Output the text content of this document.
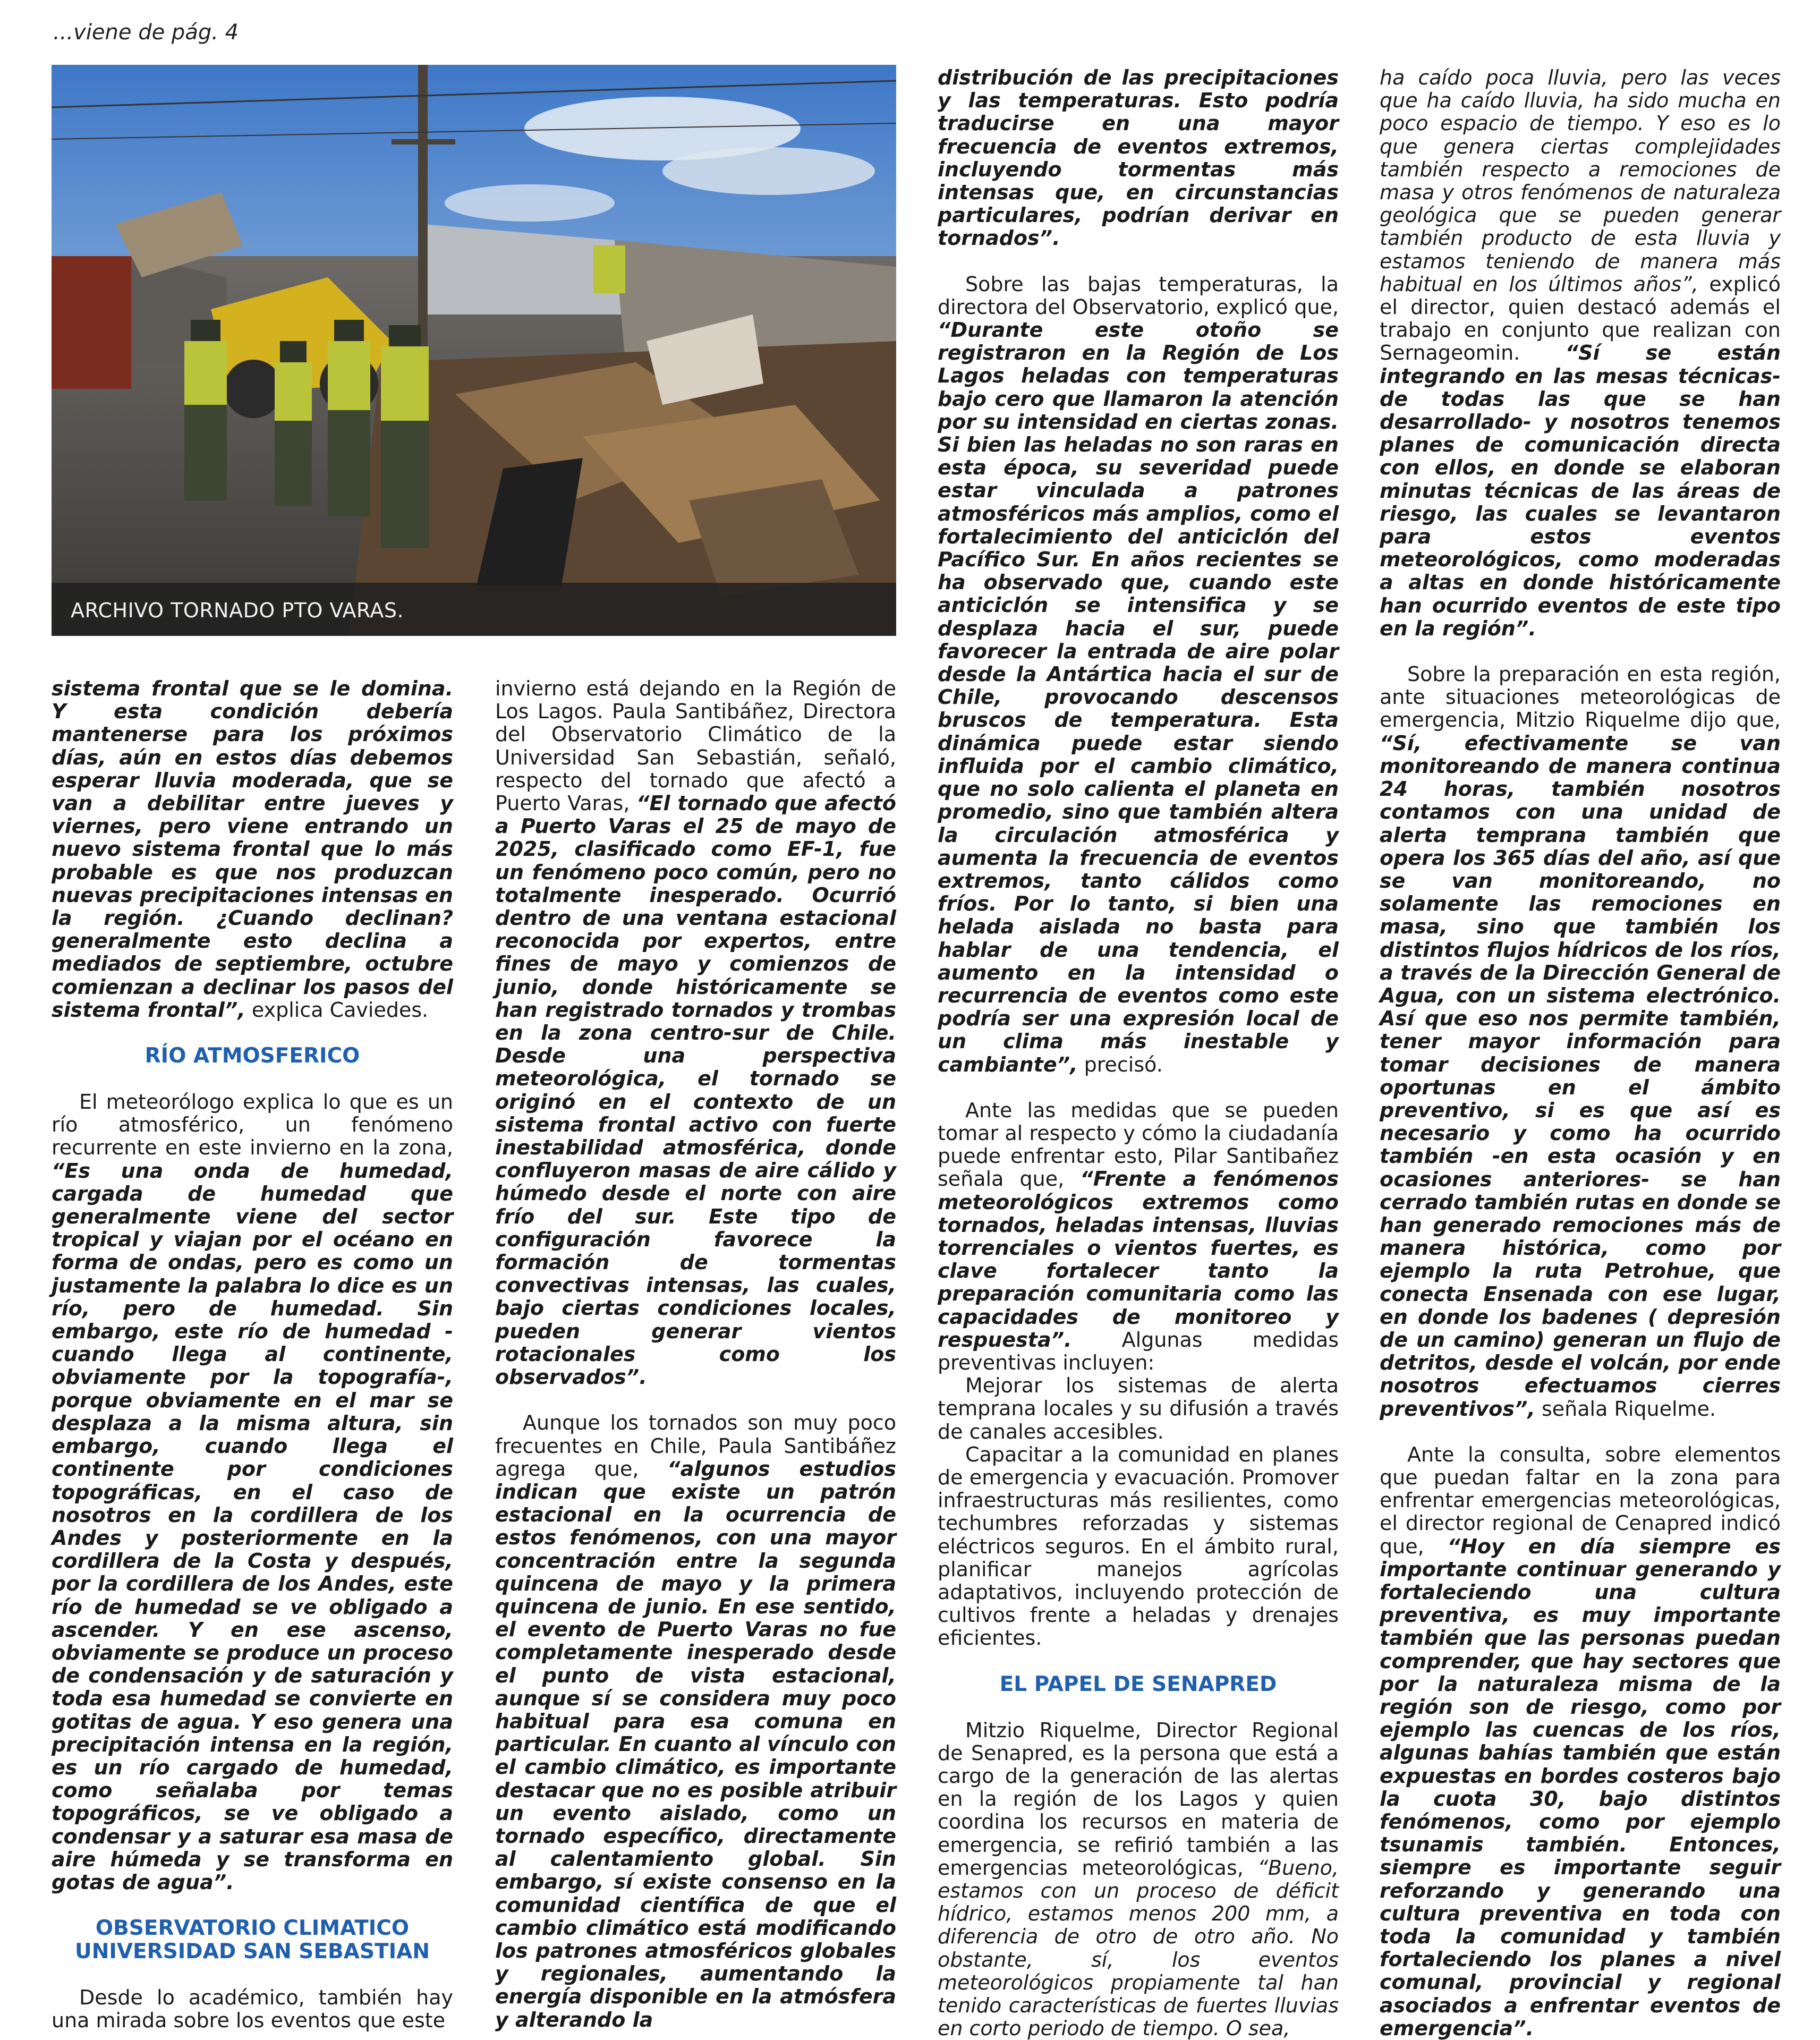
...viene de pág. 4
ARCHIVO TORNADO PTO VARAS.

sistema frontal que se le domina. Y esta condición debería mantenerse para los próximos días, aún en estos días debemos esperar lluvia moderada, que se van a debilitar entre jueves y viernes, pero viene entrando un nuevo sistema frontal que lo más probable es que nos produzcan nuevas precipitaciones intensas en la región. ¿Cuando declinan? generalmente esto declina a mediados de septiembre, octubre comienzan a declinar los pasos del sistema frontal”, explica Caviedes.

RÍO ATMOSFERICO

El meteorólogo explica lo que es un río atmosférico, un fenómeno recurrente en este invierno en la zona, “Es una onda de humedad, cargada de humedad que generalmente viene del sector tropical y viajan por el océano en forma de ondas, pero es como un justamente la palabra lo dice es un río, pero de humedad. Sin embargo, este río de humedad -cuando llega al continente, obviamente por la topografía-, porque obviamente en el mar se desplaza a la misma altura, sin embargo, cuando llega el continente por condiciones topográficas, en el caso de nosotros en la cordillera de los Andes y posteriormente en la cordillera de la Costa y después, por la cordillera de los Andes, este río de humedad se ve obligado a ascender. Y en ese ascenso, obviamente se produce un proceso de condensación y de saturación y toda esa humedad se convierte en gotitas de agua. Y eso genera una precipitación intensa en la región, es un río cargado de humedad, como señalaba por temas topográficos, se ve obligado a condensar y a saturar esa masa de aire húmeda y se transforma en gotas de agua”.

OBSERVATORIO CLIMATICO UNIVERSIDAD SAN SEBASTIAN

Desde lo académico, también hay una mirada sobre los eventos que este

invierno está dejando en la Región de Los Lagos. Paula Santibáñez, Directora del Observatorio Climático de la Universidad San Sebastián, señaló, respecto del tornado que afectó a Puerto Varas, “El tornado que afectó a Puerto Varas el 25 de mayo de 2025, clasificado como EF-1, fue un fenómeno poco común, pero no totalmente inesperado. Ocurrió dentro de una ventana estacional reconocida por expertos, entre fines de mayo y comienzos de junio, donde históricamente se han registrado tornados y trombas en la zona centro-sur de Chile. Desde una perspectiva meteorológica, el tornado se originó en el contexto de un sistema frontal activo con fuerte inestabilidad atmosférica, donde confluyeron masas de aire cálido y húmedo desde el norte con aire frío del sur. Este tipo de configuración favorece la formación de tormentas convectivas intensas, las cuales, bajo ciertas condiciones locales, pueden generar vientos rotacionales como los observados”.

Aunque los tornados son muy poco frecuentes en Chile, Paula Santibáñez agrega que, “algunos estudios indican que existe un patrón estacional en la ocurrencia de estos fenómenos, con una mayor concentración entre la segunda quincena de mayo y la primera quincena de junio. En ese sentido, el evento de Puerto Varas no fue completamente inesperado desde el punto de vista estacional, aunque sí se considera muy poco habitual para esa comuna en particular. En cuanto al vínculo con el cambio climático, es importante destacar que no es posible atribuir un evento aislado, como un tornado específico, directamente al calentamiento global. Sin embargo, sí existe consenso en la comunidad científica de que el cambio climático está modificando los patrones atmosféricos globales y regionales, aumentando la energía disponible en la atmósfera y alterando la

distribución de las precipitaciones y las temperaturas. Esto podría traducirse en una mayor frecuencia de eventos extremos, incluyendo tormentas más intensas que, en circunstancias particulares, podrían derivar en tornados”.

Sobre las bajas temperaturas, la directora del Observatorio, explicó que, “Durante este otoño se registraron en la Región de Los Lagos heladas con temperaturas bajo cero que llamaron la atención por su intensidad en ciertas zonas. Si bien las heladas no son raras en esta época, su severidad puede estar vinculada a patrones atmosféricos más amplios, como el fortalecimiento del anticiclón del Pacífico Sur. En años recientes se ha observado que, cuando este anticiclón se intensifica y se desplaza hacia el sur, puede favorecer la entrada de aire polar desde la Antártica hacia el sur de Chile, provocando descensos bruscos de temperatura. Esta dinámica puede estar siendo influida por el cambio climático, que no solo calienta el planeta en promedio, sino que también altera la circulación atmosférica y aumenta la frecuencia de eventos extremos, tanto cálidos como fríos. Por lo tanto, si bien una helada aislada no basta para hablar de una tendencia, el aumento en la intensidad o recurrencia de eventos como este podría ser una expresión local de un clima más inestable y cambiante”, precisó.

Ante las medidas que se pueden tomar al respecto y cómo la ciudadanía puede enfrentar esto, Pilar Santibañez señala que, “Frente a fenómenos meteorológicos extremos como tornados, heladas intensas, lluvias torrenciales o vientos fuertes, es clave fortalecer tanto la preparación comunitaria como las capacidades de monitoreo y respuesta”. Algunas medidas preventivas incluyen:

Mejorar los sistemas de alerta temprana locales y su difusión a través de canales accesibles.

Capacitar a la comunidad en planes de emergencia y evacuación. Promover infraestructuras más resilientes, como techumbres reforzadas y sistemas eléctricos seguros. En el ámbito rural, planificar manejos agrícolas adaptativos, incluyendo protección de cultivos frente a heladas y drenajes eficientes.

EL PAPEL DE SENAPRED

Mitzio Riquelme, Director Regional de Senapred, es la persona que está a cargo de la generación de las alertas en la región de los Lagos y quien coordina los recursos en materia de emergencia, se refirió también a las emergencias meteorológicas, “Bueno, estamos con un proceso de déficit hídrico, estamos menos 200 mm, a diferencia de otro de otro año. No obstante, sí, los eventos meteorológicos propiamente tal han tenido características de fuertes lluvias en corto periodo de tiempo. O sea,

ha caído poca lluvia, pero las veces que ha caído lluvia, ha sido mucha en poco espacio de tiempo. Y eso es lo que genera ciertas complejidades también respecto a remociones de masa y otros fenómenos de naturaleza geológica que se pueden generar también producto de esta lluvia y estamos teniendo de manera más habitual en los últimos años”, explicó el director, quien destacó además el trabajo en conjunto que realizan con Sernageomin. “Sí se están integrando en las mesas técnicas- de todas las que se han desarrollado- y nosotros tenemos planes de comunicación directa con ellos, en donde se elaboran minutas técnicas de las áreas de riesgo, las cuales se levantaron para estos eventos meteorológicos, como moderadas a altas en donde históricamente han ocurrido eventos de este tipo en la región”.

Sobre la preparación en esta región, ante situaciones meteorológicas de emergencia, Mitzio Riquelme dijo que, “Sí, efectivamente se van monitoreando de manera continua 24 horas, también nosotros contamos con una unidad de alerta temprana también que opera los 365 días del año, así que se van monitoreando, no solamente las remociones en masa, sino que también los distintos flujos hídricos de los ríos, a través de la Dirección General de Agua, con un sistema electrónico. Así que eso nos permite también, tener mayor información para tomar decisiones de manera oportunas en el ámbito preventivo, si es que así es necesario y como ha ocurrido también -en esta ocasión y en ocasiones anteriores- se han cerrado también rutas en donde se han generado remociones más de manera histórica, como por ejemplo la ruta Petrohue, que conecta Ensenada con ese lugar, en donde los badenes ( depresión de un camino) generan un flujo de detritos, desde el volcán, por ende nosotros efectuamos cierres preventivos”, señala Riquelme.

Ante la consulta, sobre elementos que puedan faltar en la zona para enfrentar emergencias meteorológicas, el director regional de Cenapred indicó que, “Hoy en día siempre es importante continuar generando y fortaleciendo una cultura preventiva, es muy importante también que las personas puedan comprender, que hay sectores que por la naturaleza misma de la región son de riesgo, como por ejemplo las cuencas de los ríos, algunas bahías también que están expuestas en bordes costeros bajo la cuota 30, bajo distintos fenómenos, como por ejemplo tsunamis también. Entonces, siempre es importante seguir reforzando y generando una cultura preventiva en toda con toda la comunidad y también fortaleciendo los planes a nivel comunal, provincial y regional asociados a enfrentar eventos de emergencia”.
